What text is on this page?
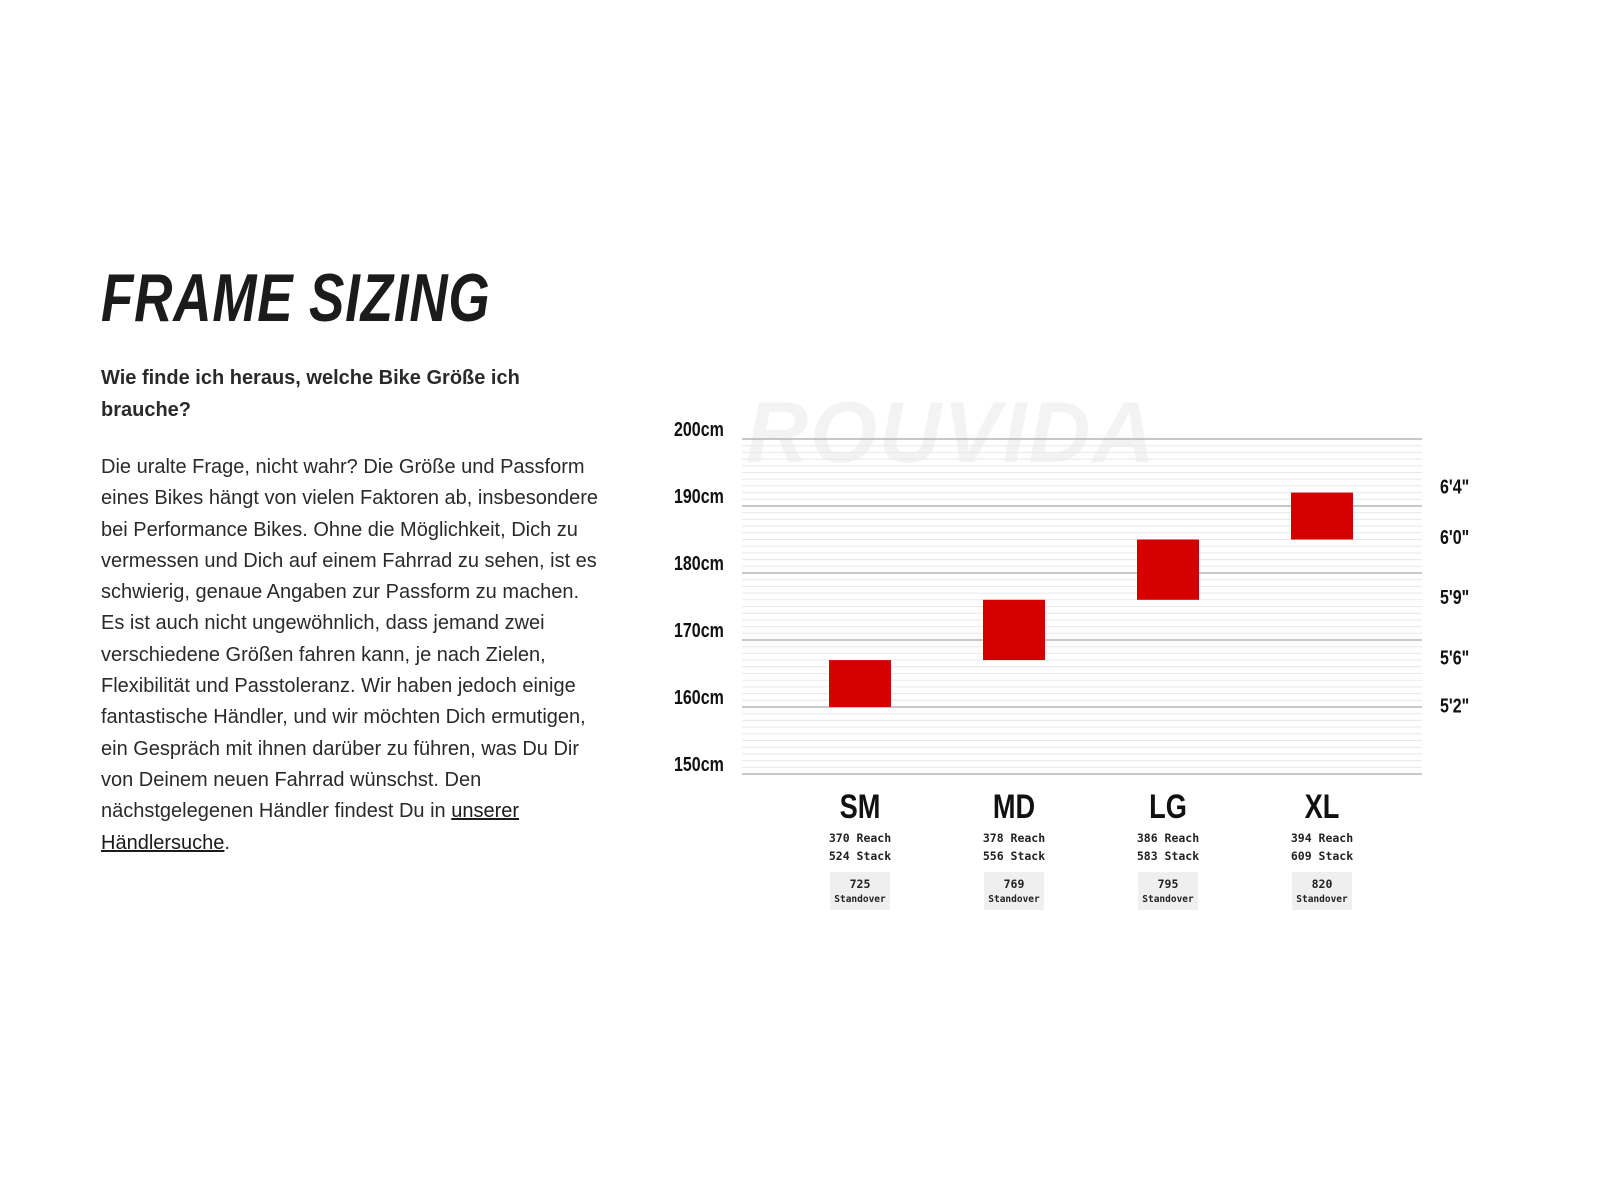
FRAME SIZING

Wie finde ich heraus, welche Bike Größe ich brauche?

Die uralte Frage, nicht wahr? Die Größe und Passform eines Bikes hängt von vielen Faktoren ab, insbesondere bei Performance Bikes. Ohne die Möglichkeit, Dich zu vermessen und Dich auf einem Fahrrad zu sehen, ist es schwierig, genaue Angaben zur Passform zu machen. Es ist auch nicht ungewöhnlich, dass jemand zwei verschiedene Größen fahren kann, je nach Zielen, Flexibilität und Passtoleranz. Wir haben jedoch einige fantastische Händler, und wir möchten Dich ermutigen, ein Gespräch mit ihnen darüber zu führen, was Du Dir von Deinem neuen Fahrrad wünschst. Den nächstgelegenen Händler findest Du in unserer Händlersuche.

200cm
190cm
180cm
170cm
160cm
150cm
6'4"
6'0"
5'9"
5'6"
5'2"
SM
370 Reach
524 Stack
725
Standover
MD
378 Reach
556 Stack
769
Standover
LG
386 Reach
583 Stack
795
Standover
XL
394 Reach
609 Stack
820
Standover
